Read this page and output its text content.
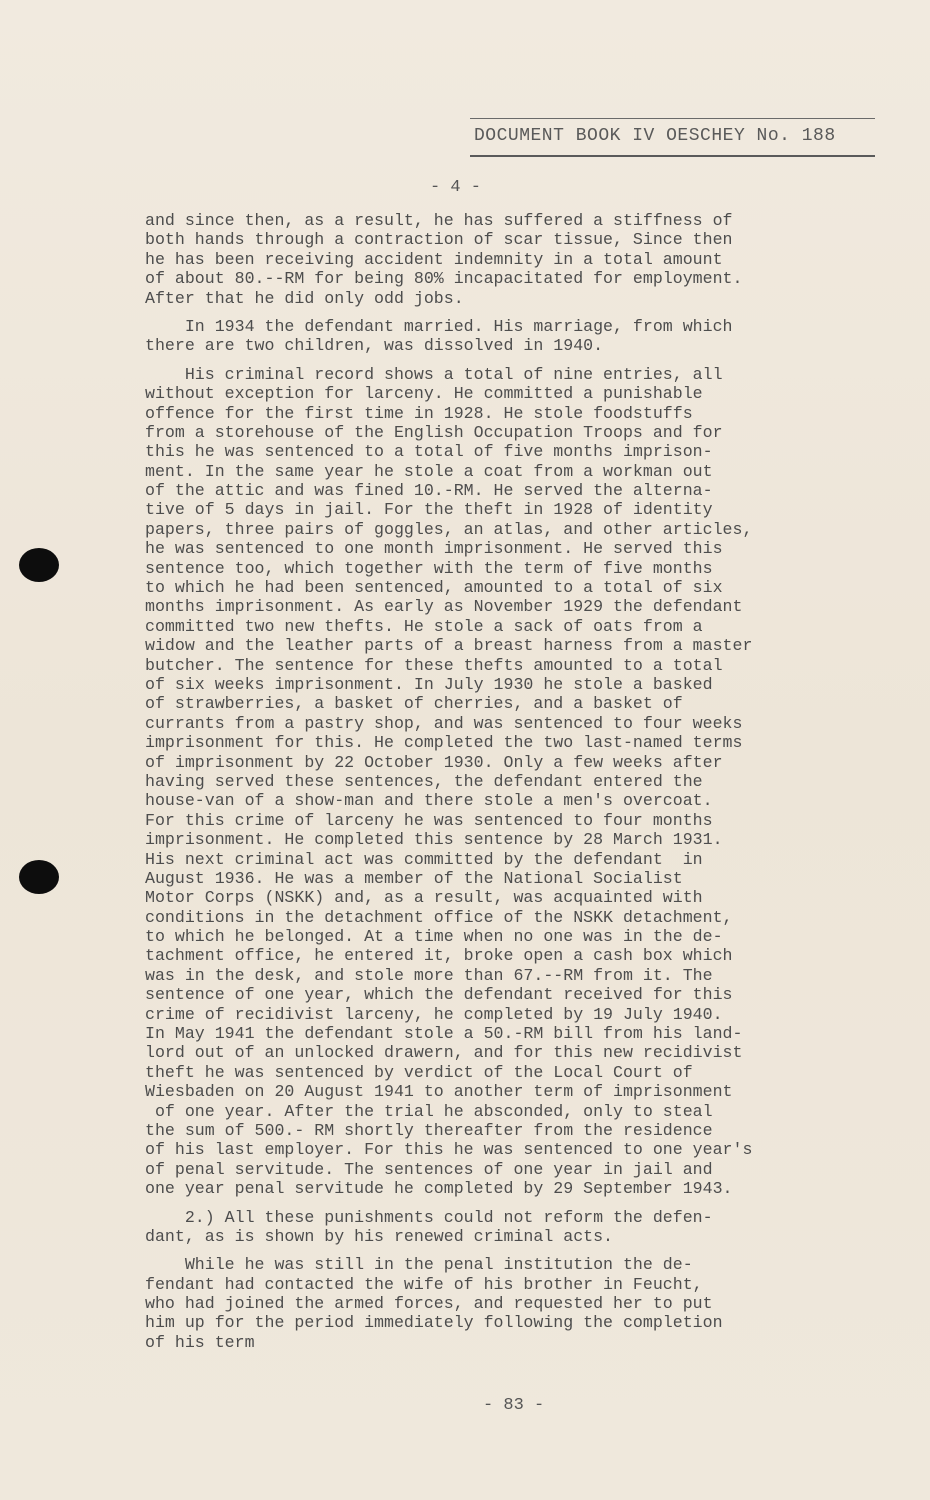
DOCUMENT BOOK IV OESCHEY No. 188
- 4 -
and since then, as a result, he has suffered a stiffness of
both hands through a contraction of scar tissue, Since then
he has been receiving accident indemnity in a total amount
of about 80.--RM for being 80% incapacitated for employment.
After that he did only odd jobs.
In 1934 the defendant married. His marriage, from which
there are two children, was dissolved in 1940.
His criminal record shows a total of nine entries, all
without exception for larceny. He committed a punishable
offence for the first time in 1928. He stole foodstuffs
from a storehouse of the English Occupation Troops and for
this he was sentenced to a total of five months imprison-
ment. In the same year he stole a coat from a workman out
of the attic and was fined 10.-RM. He served the alterna-
tive of 5 days in jail. For the theft in 1928 of identity
papers, three pairs of goggles, an atlas, and other articles,
he was sentenced to one month imprisonment. He served this
sentence too, which together with the term of five months
to which he had been sentenced, amounted to a total of six
months imprisonment. As early as November 1929 the defendant
committed two new thefts. He stole a sack of oats from a
widow and the leather parts of a breast harness from a master
butcher. The sentence for these thefts amounted to a total
of six weeks imprisonment. In July 1930 he stole a basked
of strawberries, a basket of cherries, and a basket of
currants from a pastry shop, and was sentenced to four weeks
imprisonment for this. He completed the two last-named terms
of imprisonment by 22 October 1930. Only a few weeks after
having served these sentences, the defendant entered the
house-van of a show-man and there stole a men's overcoat.
For this crime of larceny he was sentenced to four months
imprisonment. He completed this sentence by 28 March 1931.
His next criminal act was committed by the defendant  in
August 1936. He was a member of the National Socialist
Motor Corps (NSKK) and, as a result, was acquainted with
conditions in the detachment office of the NSKK detachment,
to which he belonged. At a time when no one was in the de-
tachment office, he entered it, broke open a cash box which
was in the desk, and stole more than 67.--RM from it. The
sentence of one year, which the defendant received for this
crime of recidivist larceny, he completed by 19 July 1940.
In May 1941 the defendant stole a 50.-RM bill from his land-
lord out of an unlocked drawern, and for this new recidivist
theft he was sentenced by verdict of the Local Court of
Wiesbaden on 20 August 1941 to another term of imprisonment
of one year. After the trial he absconded, only to steal
the sum of 500.- RM shortly thereafter from the residence
of his last employer. For this he was sentenced to one year's
of penal servitude. The sentences of one year in jail and
one year penal servitude he completed by 29 September 1943.
2.) All these punishments could not reform the defen-
dant, as is shown by his renewed criminal acts.
While he was still in the penal institution the de-
fendant had contacted the wife of his brother in Feucht,
who had joined the armed forces, and requested her to put
him up for the period immediately following the completion
of his term
- 83 -
